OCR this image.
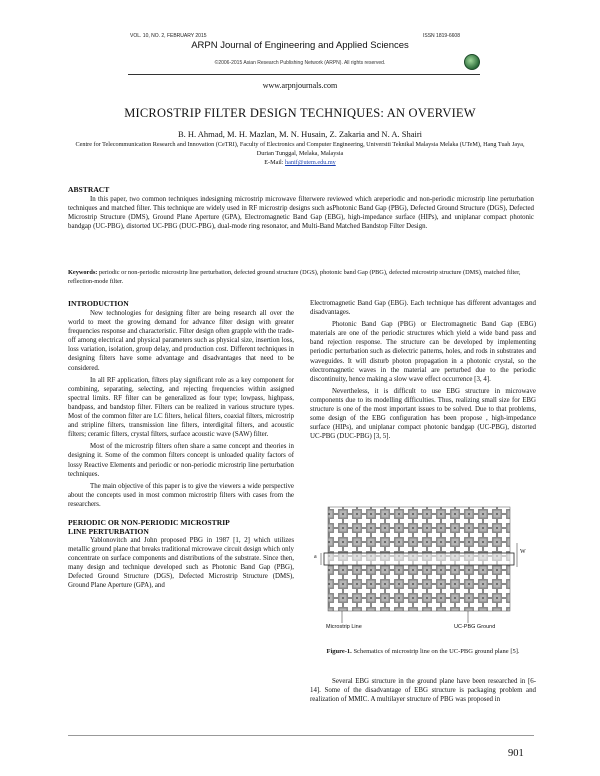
VOL. 10, NO. 2, FEBRUARY 2015	ISSN 1819-6608
ARPN Journal of Engineering and Applied Sciences
©2006-2015 Asian Research Publishing Network (ARPN). All rights reserved.
www.arpnjournals.com
MICROSTRIP FILTER DESIGN TECHNIQUES: AN OVERVIEW
B. H. Ahmad, M. H. Mazlan, M. N. Husain, Z. Zakaria and N. A. Shairi
Centre for Telecommunication Research and Innovation (CeTRI), Faculty of Electronics and Computer Engineering, Universiti Teknikal Malaysia Melaka (UTeM), Hang Tuah Jaya, Durian Tunggal, Melaka, Malaysia
E-Mail: hanif@utem.edu.my
ABSTRACT

In this paper, two common techniques indesigning microstrip microwave filterwere reviewed which areperiodic and non-periodic microstrip line perturbation techniques and matched filter. This technique are widely used in RF microstrip designs such asPhotonic Band Gap (PBG), Defected Ground Structure (DGS), Defected Microstrip Structure (DMS), Ground Plane Aperture (GPA), Electromagnetic Band Gap (EBG), high-impedance surface (HIPs), and uniplanar compact photonic bandgap (UC-PBG), distorted UC-PBG (DUC-PBG), dual-mode ring resonator, and Multi-Band Matched Bandstop Filter Design.

Keywords: periodic or non-periodic microstrip line perturbation, defected ground structure (DGS), photonic band Gap (PBG), defected microstrip structure (DMS), matched filter, reflection-mode filter.
INTRODUCTION

New technologies for designing filter are being research all over the world to meet the growing demand for advance filter design with greater frequencies response and characteristic. Filter design often grapple with the trade-off among electrical and physical parameters such as physical size, insertion loss, loss variation, isolation, group delay, and production cost. Different techniques in designing filters have some advantage and disadvantages that need to be considered.

In all RF application, filters play significant role as a key component for combining, separating, selecting, and rejecting frequencies within assigned spectral limits. RF filter can be generalized as four type; lowpass, highpass, bandpass, and bandstop filter. Filters can be realized in various structure types. Most of the common filter are LC filters, helical filters, coaxial filters, microstrip and stripline filters, transmission line filters, interdigital filters, and acoustic filters; ceramic filters, crystal filters, surface acoustic wave (SAW) filter.

Most of the microstrip filters often share a same concept and theories in designing it. Some of the common filters concept is unloaded quality factors of lossy Reactive Elements and periodic or non-periodic microstrip line perturbation techniques.

The main objective of this paper is to give the viewers a wide perspective about the concepts used in most common microstrip filters with cases from the researchers.

PERIODIC OR NON-PERIODIC MICROSTRIP
LINE PERTURBATION

Yablonovitch and John proposed PBG in 1987 [1, 2] which utilizes metallic ground plane that breaks traditional microwave circuit design which only concentrate on surface components and distributions of the substrate. Since then, many design and technique developed such as Photonic Band Gap (PBG), Defected Ground Structure (DGS), Defected Microstrip Structure (DMS), Ground Plane Aperture (GPA), and

Electromagnetic Band Gap (EBG). Each technique has different advantages and disadvantages.

Photonic Band Gap (PBG) or Electromagnetic Band Gap (EBG) materials are one of the periodic structures which yield a wide band pass and band rejection response. The structure can be developed by implementing periodic perturbation such as dielectric patterns, holes, and rods in substrates and waveguides. It will disturb photon propagation in a photonic crystal, so the electromagnetic waves in the material are perturbed due to the periodic discontinuity, hence making a slow wave effect occurrence [3, 4].

Nevertheless, it is difficult to use EBG structure in microwave components due to its modelling difficulties. Thus, realizing small size for EBG structure is one of the most important issues to be solved. Due to that problems, some design of the EBG configuration has been propose , high-impedance surface (HIPs), and uniplanar compact photonic bandgap (UC-PBG), distorted UC-PBG (DUC-PBG) [3, 5].

a
W
Microstrip Line	UC-PBG Ground
Figure-1. Schematics of microstrip line on the UC-PBG ground plane [5].

Several EBG structure in the ground plane have been researched in [6-14]. Some of the disadvantage of EBG structure is packaging problem and realization of MMIC. A multilayer structure of PBG was proposed in

901
